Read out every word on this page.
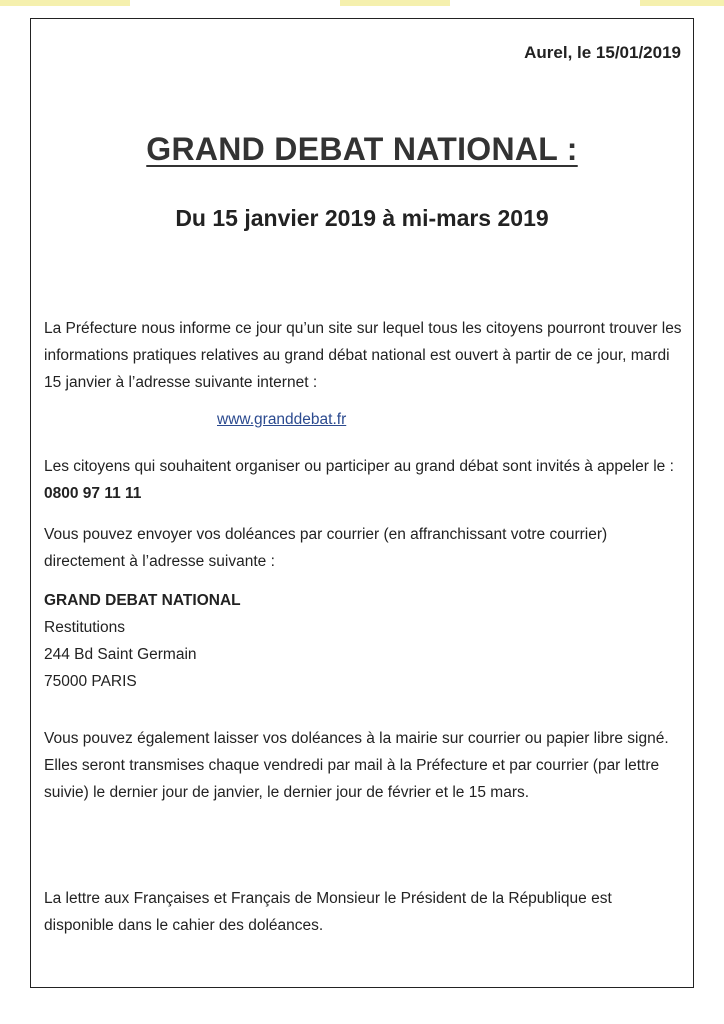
Aurel, le 15/01/2019
GRAND DEBAT NATIONAL :
Du 15 janvier 2019 à mi-mars 2019
La Préfecture nous informe ce jour qu’un site sur lequel tous les citoyens pourront trouver les informations pratiques relatives au grand débat national est ouvert à partir de ce jour, mardi 15 janvier à l’adresse suivante internet :
www.granddebat.fr
Les citoyens qui souhaitent organiser ou participer au grand débat sont invités à appeler le : 0800 97 11 11
Vous pouvez envoyer vos doléances par courrier (en affranchissant votre courrier) directement à l’adresse suivante :
GRAND DEBAT NATIONAL
Restitutions
244 Bd Saint Germain
75000 PARIS
Vous pouvez également laisser vos doléances à la mairie sur courrier ou papier libre signé. Elles seront transmises chaque vendredi par mail à la Préfecture et par courrier (par lettre suivie) le dernier jour de janvier, le dernier jour de février et le 15 mars.
La lettre aux Françaises et Français de Monsieur le Président de la République est disponible dans le cahier des doléances.
